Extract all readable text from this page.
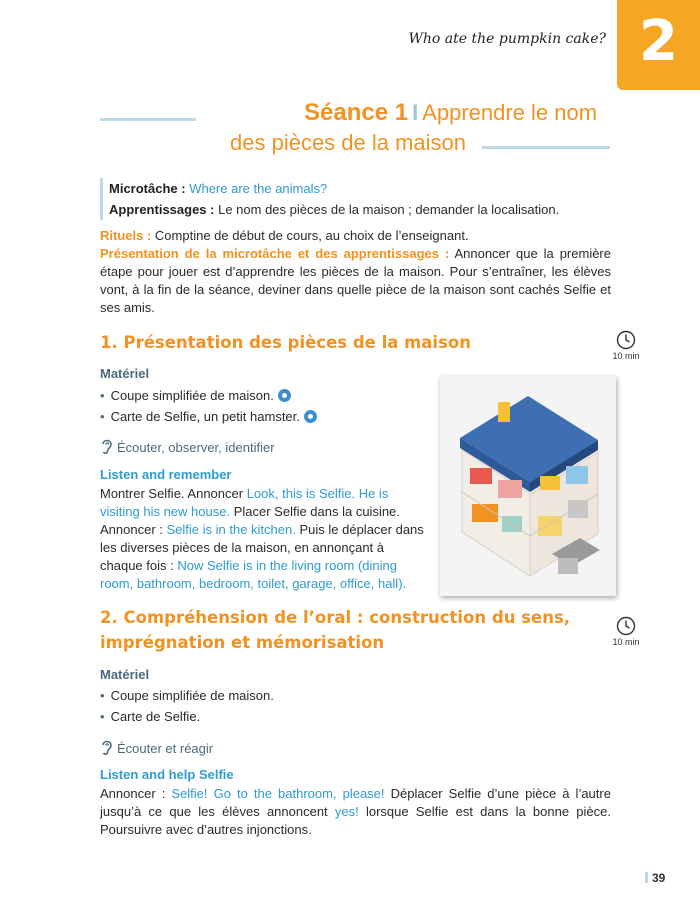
Who ate the pumpkin cake? 2
Séance 1 I Apprendre le nom
des pièces de la maison
Microtâche : Where are the animals?
Apprentissages : Le nom des pièces de la maison ; demander la localisation.
Rituels : Comptine de début de cours, au choix de l’enseignant.
Présentation de la microtâche et des apprentissages : Annoncer que la première étape pour jouer est d’apprendre les pièces de la maison. Pour s’entraîner, les élèves vont, à la fin de la séance, deviner dans quelle pièce de la maison sont cachés Selfie et ses amis.
1. Présentation des pièces de la maison
10 min
Matériel
• Coupe simplifiée de maison.
• Carte de Selfie, un petit hamster.
Écouter, observer, identifier
Listen and remember
Montrer Selfie. Annoncer Look, this is Selfie. He is visiting his new house. Placer Selfie dans la cuisine. Annoncer : Selfie is in the kitchen. Puis le déplacer dans les diverses pièces de la maison, en annonçant à chaque fois : Now Selfie is in the living room (dining room, bathroom, bedroom, toilet, garage, office, hall).
2. Compréhension de l’oral : construction du sens,
imprégnation et mémorisation	10 min
Matériel
• Coupe simplifiée de maison.
• Carte de Selfie.
Écouter et réagir
Listen and help Selfie
Annoncer : Selfie! Go to the bathroom, please! Déplacer Selfie d’une pièce à l’autre jusqu’à ce que les élèves annoncent yes! lorsque Selfie est dans la bonne pièce. Poursuivre avec d’autres injonctions.
39
